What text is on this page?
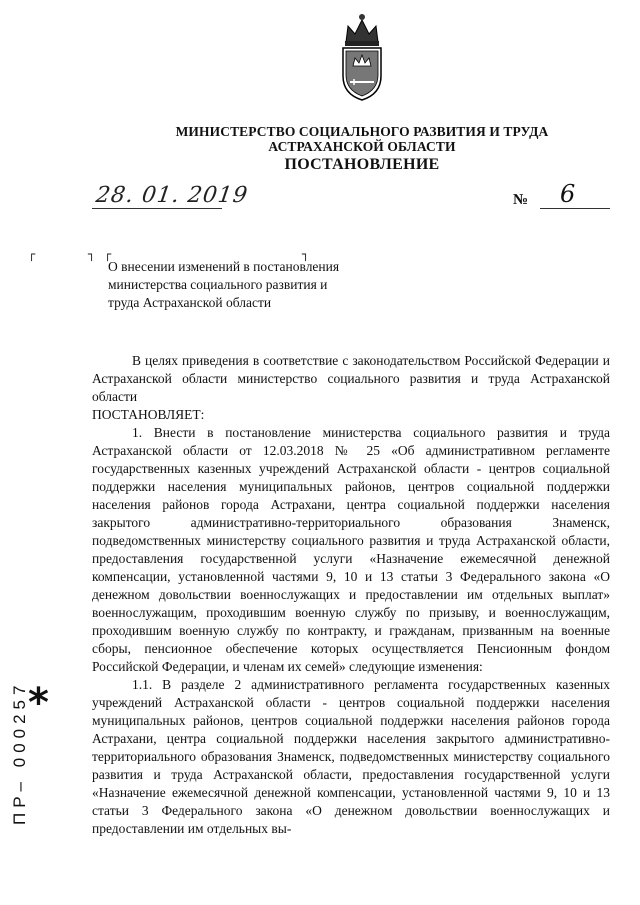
МИНИСТЕРСТВО СОЦИАЛЬНОГО РАЗВИТИЯ И ТРУДА
АСТРАХАНСКОЙ ОБЛАСТИ
ПОСТАНОВЛЕНИЕ
28. 01. 2019	№ 6
┌	┐ ┌	┐
О внесении изменений в постановления министерства социального развития и труда Астраханской области

В целях приведения в соответствие с законодательством Российской Федерации и Астраханской области министерство социального развития и труда Астраханской области

ПОСТАНОВЛЯЕТ:

1. Внести в постановление министерства социального развития и труда Астраханской области от 12.03.2018 № 25 «Об административном регламенте государственных казенных учреждений Астраханской области - центров социальной поддержки населения муниципальных районов, центров социальной поддержки населения районов города Астрахани, центра социальной поддержки населения закрытого административно-территориального образования Знаменск, подведомственных министерству социального развития и труда Астраханской области, предоставления государственной услуги «Назначение ежемесячной денежной компенсации, установленной частями 9, 10 и 13 статьи 3 Федерального закона «О денежном довольствии военнослужащих и предоставлении им отдельных выплат» военнослужащим, проходившим военную службу по призыву, и военнослужащим, проходившим военную службу по контракту, и гражданам, призванным на военные сборы, пенсионное обеспечение которых осуществляется Пенсионным фондом Российской Федерации, и членам их семей» следующие изменения:

1.1. В разделе 2 административного регламента государственных казенных учреждений Астраханской области - центров социальной поддержки населения муниципальных районов, центров социальной поддержки населения районов города Астрахани, центра социальной поддержки населения закрытого административно-территориального образования Знаменск, подведомственных министерству социального развития и труда Астраханской области, предоставления государственной услуги «Назначение ежемесячной денежной компенсации, установленной частями 9, 10 и 13 статьи 3 Федерального закона «О денежном довольствии военнослужащих и предоставлении им отдельных вы-

*
ПР– 000257
